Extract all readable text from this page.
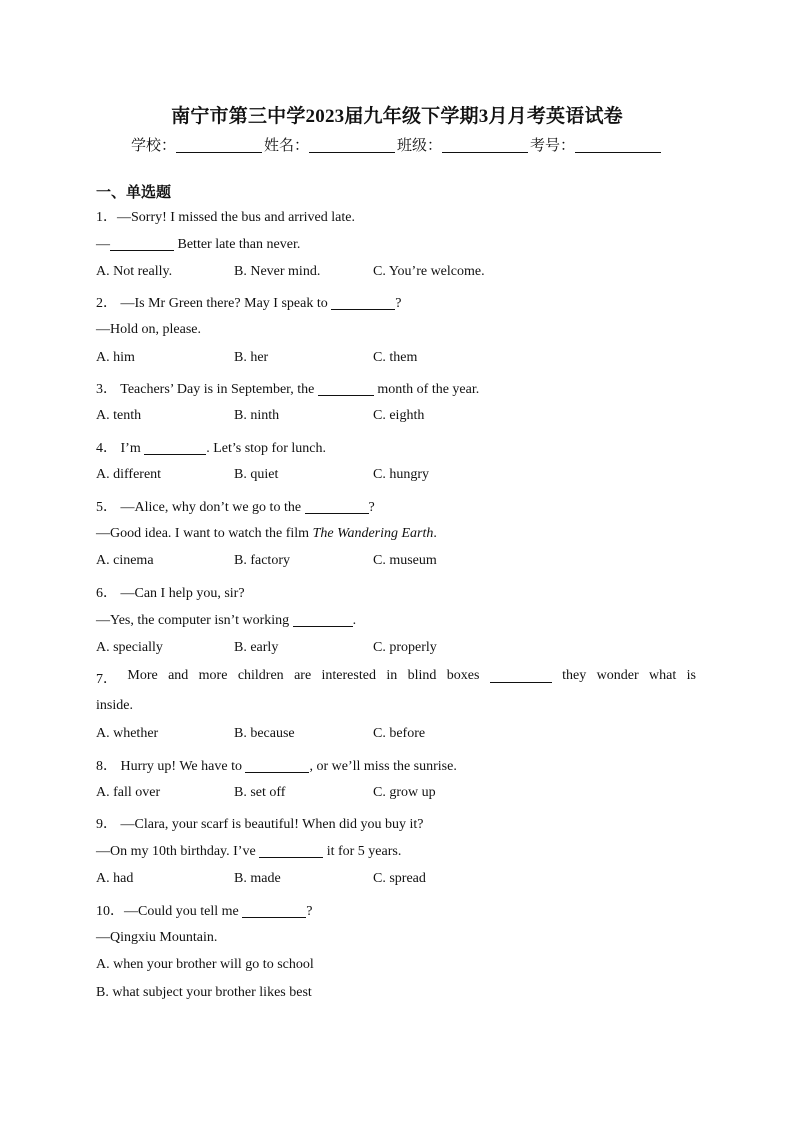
南宁市第三中学2023届九年级下学期3月月考英语试卷
学校：	姓名：	班级：	考号：
一、单选题
1．—Sorry! I missed the bus and arrived late.
—	Better late than never.
A. Not really.	B. Never mind.	C. You’re welcome.
2． —Is Mr Green there? May I speak to	?
—Hold on, please.
A. him	B. her	C. them
3． Teachers’ Day is in September, the	month of the year.
A. tenth	B. ninth	C. eighth
4． I’m	. Let’s stop for lunch.
A. different	B. quiet	C. hungry
5． —Alice, why don’t we go to the	?
—Good idea. I want to watch the film The Wandering Earth.
A. cinema	B. factory	C. museum
6． —Can I help you, sir?
—Yes, the computer isn’t working	.
A. specially	B. early	C. properly
7． More and more children are interested in blind boxes	they wonder what is
inside.
A. whether	B. because	C. before
8． Hurry up! We have to	, or we’ll miss the sunrise.
A. fall over	B. set off	C. grow up
9． —Clara, your scarf is beautiful! When did you buy it?
—On my 10th birthday. I’ve	it for 5 years.
A. had	B. made	C. spread
10．—Could you tell me	?
—Qingxiu Mountain.
A. when your brother will go to school
B. what subject your brother likes best
